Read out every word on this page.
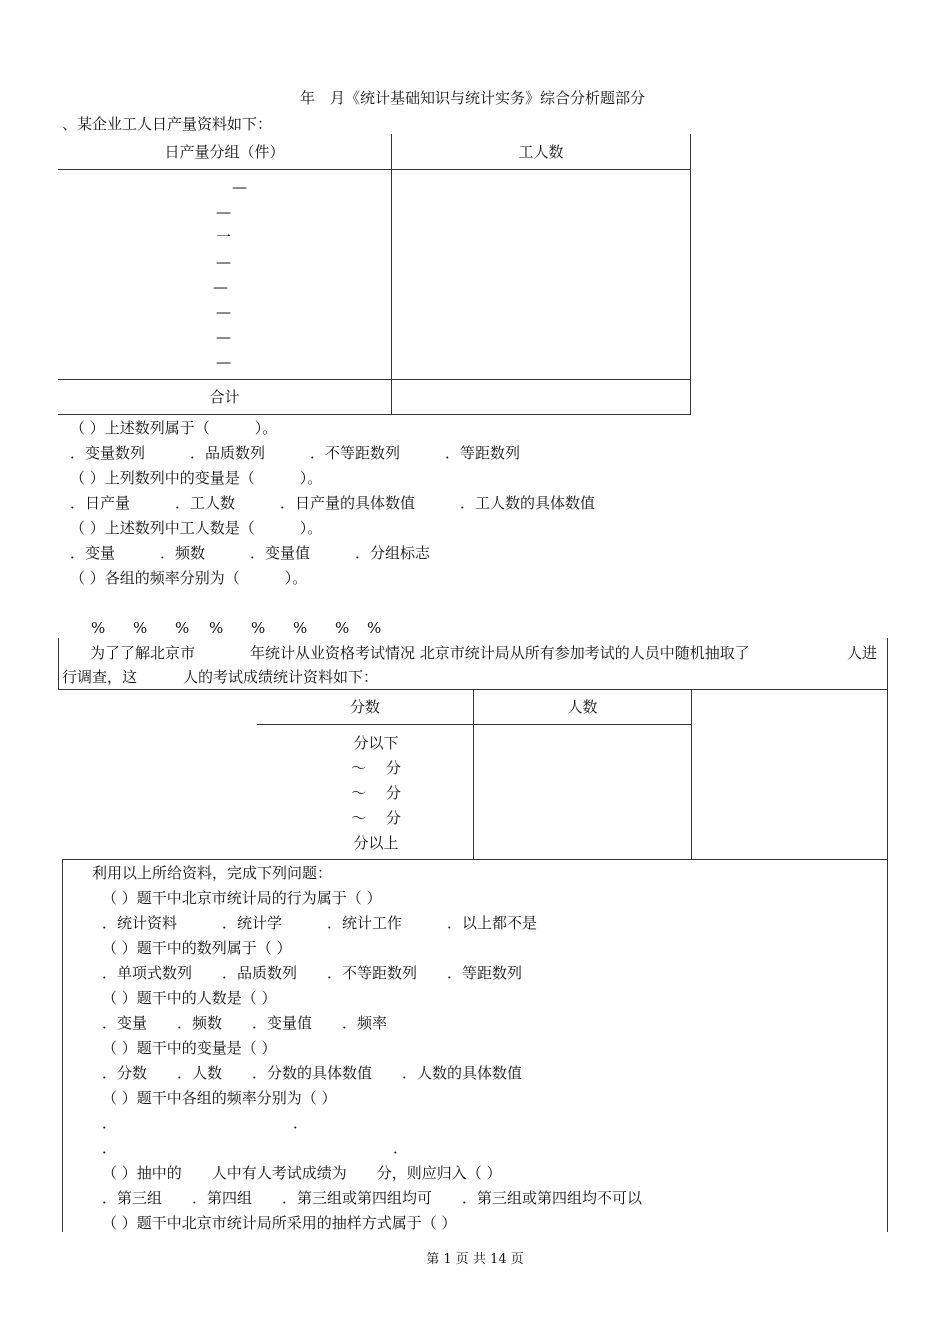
年　月《统计基础知识与统计实务》综合分析题部分
、某企业工人日产量资料如下：
日产量分组（件）	工人数
—
—
一
—
—
—
—
—
合计
（ ）上述数列属于（　　　）。
．变量数列　　　．品质数列　　　．不等距数列　　　．等距数列
（ ）上列数列中的变量是（　　　）。
．日产量　　　．工人数　　　．日产量的具体数值　　　．工人数的具体数值
（ ）上述数列中工人数是（　　　）。
．变量　　　．频数　　　．变量值　　　．分组标志
（ ）各组的频率分别为（　　　）。
% % % % % % % %
为了了解北京市	年统计从业资格考试情况 北京市统计局从所有参加考试的人员中随机抽取了	人进
行调查，这	人的考试成绩统计资料如下：
分数	人数
分以下
～　 分
～　 分
～　 分
分以上
利用以上所给资料，完成下列问题：
（ ）题干中北京市统计局的行为属于（ ）
．统计资料　　　．统计学　　　．统计工作　　　．以上都不是
（ ）题干中的数列属于（ ）
．单项式数列　　．品质数列　　．不等距数列　　．等距数列
（ ）题干中的人数是（ ）
．变量　　．频数　　．变量值　　．频率
（ ）题干中的变量是（ ）
．分数　　．人数　　．分数的具体数值　　．人数的具体数值
（ ）题干中各组的频率分别为（ ）
．	．
．	．
（ ）抽中的　　人中有人考试成绩为　　分，则应归入（ ）
．第三组　　．第四组　　．第三组或第四组均可　　．第三组或第四组均不可以
（ ）题干中北京市统计局所采用的抽样方式属于（ ）
第 1 页 共 14 页
